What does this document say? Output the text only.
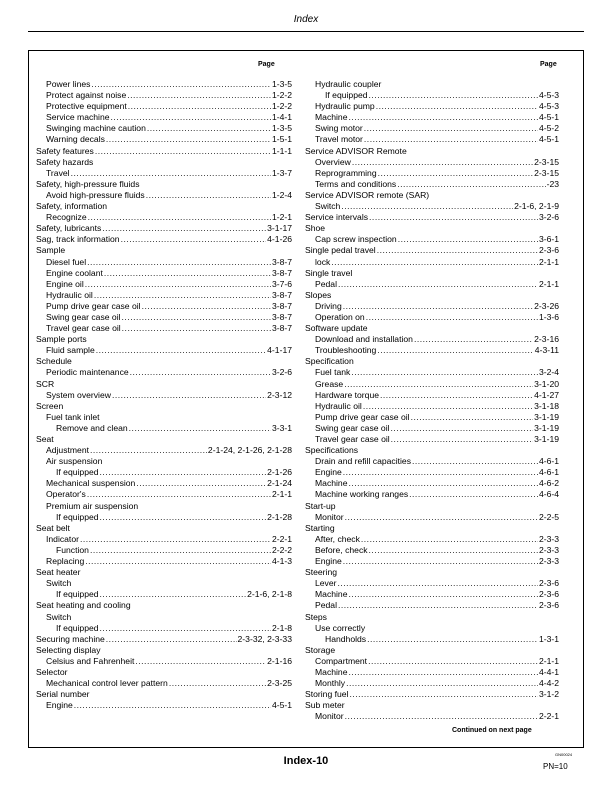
Index
Page	Page
Power lines .....	1-3-5
Protect against noise .....	1-2-2
Protective equipment .....	1-2-2
Service machine .....	1-4-1
Swinging machine caution .....	1-3-5
Warning decals .....	1-5-1
Safety features .....	1-1-1
Safety hazards
Travel .....	1-3-7
Safety, high-pressure fluids
Avoid high-pressure fluids .....	1-2-4
Safety, information
Recognize .....	1-2-1
Safety, lubricants .....	3-1-17
Sag, track information .....	4-1-26
Sample
Diesel fuel .....	3-8-7
Engine coolant .....	3-8-7
Engine oil .....	3-7-6
Hydraulic oil .....	3-8-7
Pump drive gear case oil .....	3-8-7
Swing gear case oil .....	3-8-7
Travel gear case oil .....	3-8-7
Sample ports
Fluid sample .....	4-1-17
Schedule
Periodic maintenance .....	3-2-6
SCR
System overview .....	2-3-12
Screen
Fuel tank inlet
Remove and clean .....	3-3-1
Seat
Adjustment .....	2-1-24, 2-1-26, 2-1-28
Air suspension
If equipped .....	2-1-26
Mechanical suspension .....	2-1-24
Operator's .....	2-1-1
Premium air suspension
If equipped .....	2-1-28
Seat belt
Indicator .....	2-2-1
Function .....	2-2-2
Replacing .....	4-1-3
Seat heater
Switch
If equipped .....	2-1-6, 2-1-8
Seat heating and cooling
Switch
If equipped .....	2-1-8
Securing machine .....	2-3-32, 2-3-33
Selecting display
Celsius and Fahrenheit .....	2-1-16
Selector
Mechanical control lever pattern .....	2-3-25
Serial number
Engine .....	4-5-1
Hydraulic coupler
If equipped .....	4-5-3
Hydraulic pump .....	4-5-3
Machine .....	4-5-1
Swing motor .....	4-5-2
Travel motor .....	4-5-1
Service ADVISOR Remote
Overview .....	2-3-15
Reprogramming .....	2-3-15
Terms and conditions .....	-23
Service ADVISOR remote (SAR)
Switch .....	2-1-6, 2-1-9
Service intervals .....	3-2-6
Shoe
Cap screw inspection .....	3-6-1
Single pedal travel .....	2-3-6
lock .....	2-1-1
Single travel
Pedal .....	2-1-1
Slopes
Driving .....	2-3-26
Operation on .....	1-3-6
Software update
Download and installation .....	2-3-16
Troubleshooting .....	4-3-11
Specification
Fuel tank .....	3-2-4
Grease .....	3-1-20
Hardware torque .....	4-1-27
Hydraulic oil .....	3-1-18
Pump drive gear case oil .....	3-1-19
Swing gear case oil .....	3-1-19
Travel gear case oil .....	3-1-19
Specifications
Drain and refill capacities .....	4-6-1
Engine .....	4-6-1
Machine .....	4-6-2
Machine working ranges .....	4-6-4
Start-up
Monitor .....	2-2-5
Starting
After, check .....	2-3-3
Before, check .....	2-3-3
Engine .....	2-3-3
Steering
Lever .....	2-3-6
Machine .....	2-3-6
Pedal .....	2-3-6
Steps
Use correctly
Handholds .....	1-3-1
Storage
Compartment .....	2-1-1
Machine .....	4-4-1
Monthly .....	4-4-2
Storing fuel .....	3-1-2
Sub meter
Monitor .....	2-2-1
Continued on next page
GN00024
Index-10	PN=10
